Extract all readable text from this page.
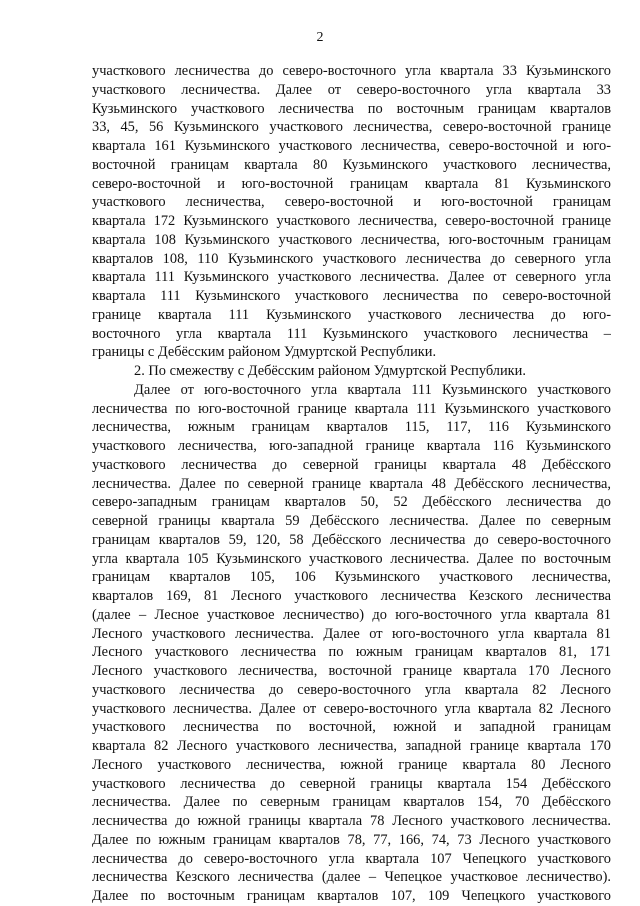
2
участкового лесничества до северо-восточного угла квартала 33 Кузьминского
участкового лесничества. Далее от северо-восточного угла квартала 33
Кузьминского участкового лесничества по восточным границам кварталов
33, 45, 56 Кузьминского участкового лесничества, северо-восточной границе
квартала 161 Кузьминского участкового лесничества, северо-восточной и юго-
восточной границам квартала 80 Кузьминского участкового лесничества,
северо-восточной и юго-восточной границам квартала 81 Кузьминского
участкового лесничества, северо-восточной и юго-восточной границам
квартала 172 Кузьминского участкового лесничества, северо-восточной границе
квартала 108 Кузьминского участкового лесничества, юго-восточным границам
кварталов 108, 110 Кузьминского участкового лесничества до северного угла
квартала 111 Кузьминского участкового лесничества. Далее от северного угла
квартала 111 Кузьминского участкового лесничества по северо-восточной
границе квартала 111 Кузьминского участкового лесничества до юго-
восточного угла квартала 111 Кузьминского участкового лесничества –
границы с Дебёсским районом Удмуртской Республики.
2. По смежеству с Дебёсским районом Удмуртской Республики.
Далее от юго-восточного угла квартала 111 Кузьминского участкового
лесничества по юго-восточной границе квартала 111 Кузьминского участкового
лесничества, южным границам кварталов 115, 117, 116 Кузьминского
участкового лесничества, юго-западной границе квартала 116 Кузьминского
участкового лесничества до северной границы квартала 48 Дебёсского
лесничества. Далее по северной границе квартала 48 Дебёсского лесничества,
северо-западным границам кварталов 50, 52 Дебёсского лесничества до
северной границы квартала 59 Дебёсского лесничества. Далее по северным
границам кварталов 59, 120, 58 Дебёсского лесничества до северо-восточного
угла квартала 105 Кузьминского участкового лесничества. Далее по восточным
границам кварталов 105, 106 Кузьминского участкового лесничества,
кварталов 169, 81 Лесного участкового лесничества Кезского лесничества
(далее – Лесное участковое лесничество) до юго-восточного угла квартала 81
Лесного участкового лесничества. Далее от юго-восточного угла квартала 81
Лесного участкового лесничества по южным границам кварталов 81, 171
Лесного участкового лесничества, восточной границе квартала 170 Лесного
участкового лесничества до северо-восточного угла квартала 82 Лесного
участкового лесничества. Далее от северо-восточного угла квартала 82 Лесного
участкового лесничества по восточной, южной и западной границам
квартала 82 Лесного участкового лесничества, западной границе квартала 170
Лесного участкового лесничества, южной границе квартала 80 Лесного
участкового лесничества до северной границы квартала 154 Дебёсского
лесничества. Далее по северным границам кварталов 154, 70 Дебёсского
лесничества до южной границы квартала 78 Лесного участкового лесничества.
Далее по южным границам кварталов 78, 77, 166, 74, 73 Лесного участкового
лесничества до северо-восточного угла квартала 107 Чепецкого участкового
лесничества Кезского лесничества (далее – Чепецкое участковое лесничество).
Далее по восточным границам кварталов 107, 109 Чепецкого участкового
